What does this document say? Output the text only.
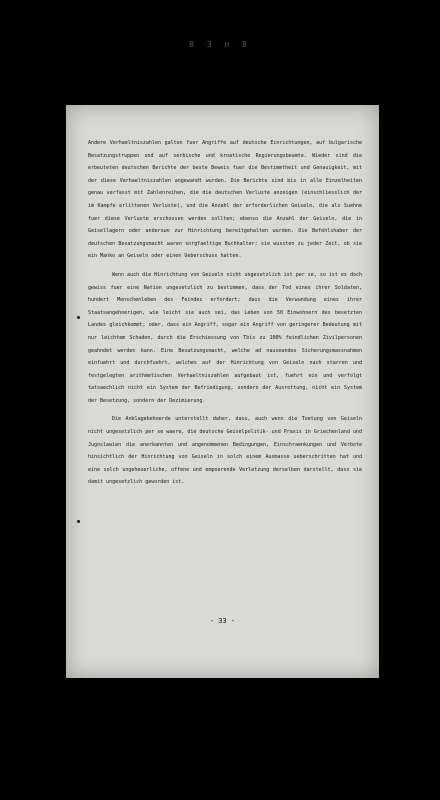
0 3 n 8

Andere Verhaeltniszahlen galten fuer Angriffe auf deutsche Einrichtungen, auf bulgarische Besatzungstruppen und auf serbische und kroatische Regierungsbeamte. Wieder sind die erbeuteten deutschen Berichte der beste Beweis fuer die Bestimmtheit und Genauigkeit, mit der diese Verhaeltniszahlen angewandt wurden. Die Berichte sind bis in alle Einzelheiten genau verfasst mit Zahlenreihen, die die deutschen Verluste anzeigen (einschliesslich der im Kampfe erlittenen Verluste), und die Anzahl der erforderlichen Geiseln, die als Suehne fuer diese Verluste erschossen werden sollten; ebenso die Anzahl der Geiseln, die in Geisellagern oder anderswo zur Hinrichtung bereitgehalten wurden. Die Befehlshaber der deutschen Besatzungsmacht waren sorgfaeltige Buchhalter; sie wussten zu jeder Zeit, ob sie ein Manko an Geiseln oder einen Ueberschuss hatten.

Wenn auch die Hinrichtung von Geiseln nicht ungesetzlich ist per se, so ist es doch gewiss fuer eine Nation ungesetzlich zu bestimmen, dass der Tod eines ihrer Soldaten, hundert Menschenleben des Feindes erfordert; dass die Verwundung eines ihrer Staatsangehoerigen, wie leicht sie auch sei, das Leben von 50 Einwohnern des besetzten Landes gleichkommt; oder, dass ein Angriff, sogar ein Angriff von geringerer Bedeutung mit nur leichtem Schaden, durch die Erschiessung von Tbis zu 100% feindlichen Zivilpersonen geahndet werden kann. Eine Besatzungsmacht, welche ad nauseandes Sicherungsmassnahmen einfuehrt und durchfuehrt, welches auf der Hinrichtung von Geiseln nach starren und festgelegten arithmetischen Verhaeltniszahlen aufgebaut ist, fuehrt ein und verfolgt tatsaechlich nicht ein System der Befriedigung, sondern der Ausrottung, nicht ein System der Besetzung, sondern der Dezimierung.

Die Anklagebehoerde unterstellt daher, dass, auch wenn die Toetung von Geiseln nicht ungesetzlich per se waere, die deutsche Geiselpolitik- und Praxis in Griechenland und Jugoslawien die anerkannten und angenommenen Bedingungen, Einschraenkungen und Verbote hinsichtlich der Hinrichtung von Geiseln in solch einem Ausmasse ueberschritten hat und eine solch ungeheuerliche, offene und empoerende Verletzung derselben darstellt, dass sie damit ungesetzlich geworden ist.

- 33 -
